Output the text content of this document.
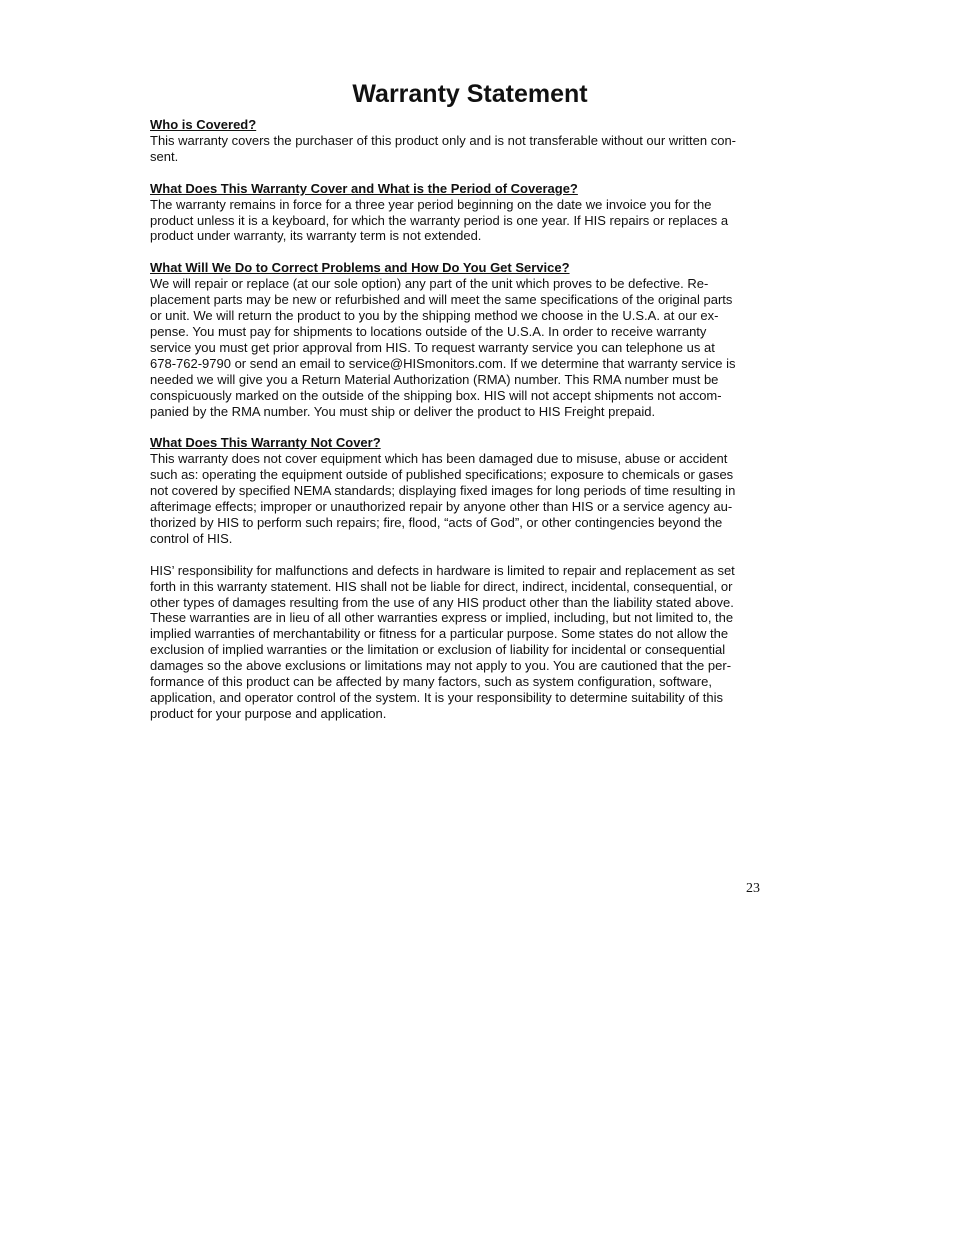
Warranty Statement

Who is Covered?

This warranty covers the purchaser of this product only and is not transferable without our written con-
sent.

What Does This Warranty Cover and What is the Period of Coverage?

The warranty remains in force for a three year period beginning on the date we invoice you for the
product unless it is a keyboard, for which the warranty period is one year. If HIS repairs or replaces a
product under warranty, its warranty term is not extended.

What Will We Do to Correct Problems and How Do You Get Service?

We will repair or replace (at our sole option) any part of the unit which proves to be defective. Re-
placement parts may be new or refurbished and will meet the same specifications of the original parts
or unit. We will return the product to you by the shipping method we choose in the U.S.A. at our ex-
pense. You must pay for shipments to locations outside of the U.S.A. In order to receive warranty
service you must get prior approval from HIS. To request warranty service you can telephone us at
678-762-9790 or send an email to service@HISmonitors.com. If we determine that warranty service is
needed we will give you a Return Material Authorization (RMA) number. This RMA number must be
conspicuously marked on the outside of the shipping box. HIS will not accept shipments not accom-
panied by the RMA number. You must ship or deliver the product to HIS Freight prepaid.

What Does This Warranty Not Cover?

This warranty does not cover equipment which has been damaged due to misuse, abuse or accident
such as: operating the equipment outside of published specifications; exposure to chemicals or gases
not covered by specified NEMA standards; displaying fixed images for long periods of time resulting in
afterimage effects; improper or unauthorized repair by anyone other than HIS or a service agency au-
thorized by HIS to perform such repairs; fire, flood, “acts of God”, or other contingencies beyond the
control of HIS.

HIS’ responsibility for malfunctions and defects in hardware is limited to repair and replacement as set
forth in this warranty statement. HIS shall not be liable for direct, indirect, incidental, consequential, or
other types of damages resulting from the use of any HIS product other than the liability stated above.
These warranties are in lieu of all other warranties express or implied, including, but not limited to, the
implied warranties of merchantability or fitness for a particular purpose. Some states do not allow the
exclusion of implied warranties or the limitation or exclusion of liability for incidental or consequential
damages so the above exclusions or limitations may not apply to you. You are cautioned that the per-
formance of this product can be affected by many factors, such as system configuration, software,
application, and operator control of the system. It is your responsibility to determine suitability of this
product for your purpose and application.

23
